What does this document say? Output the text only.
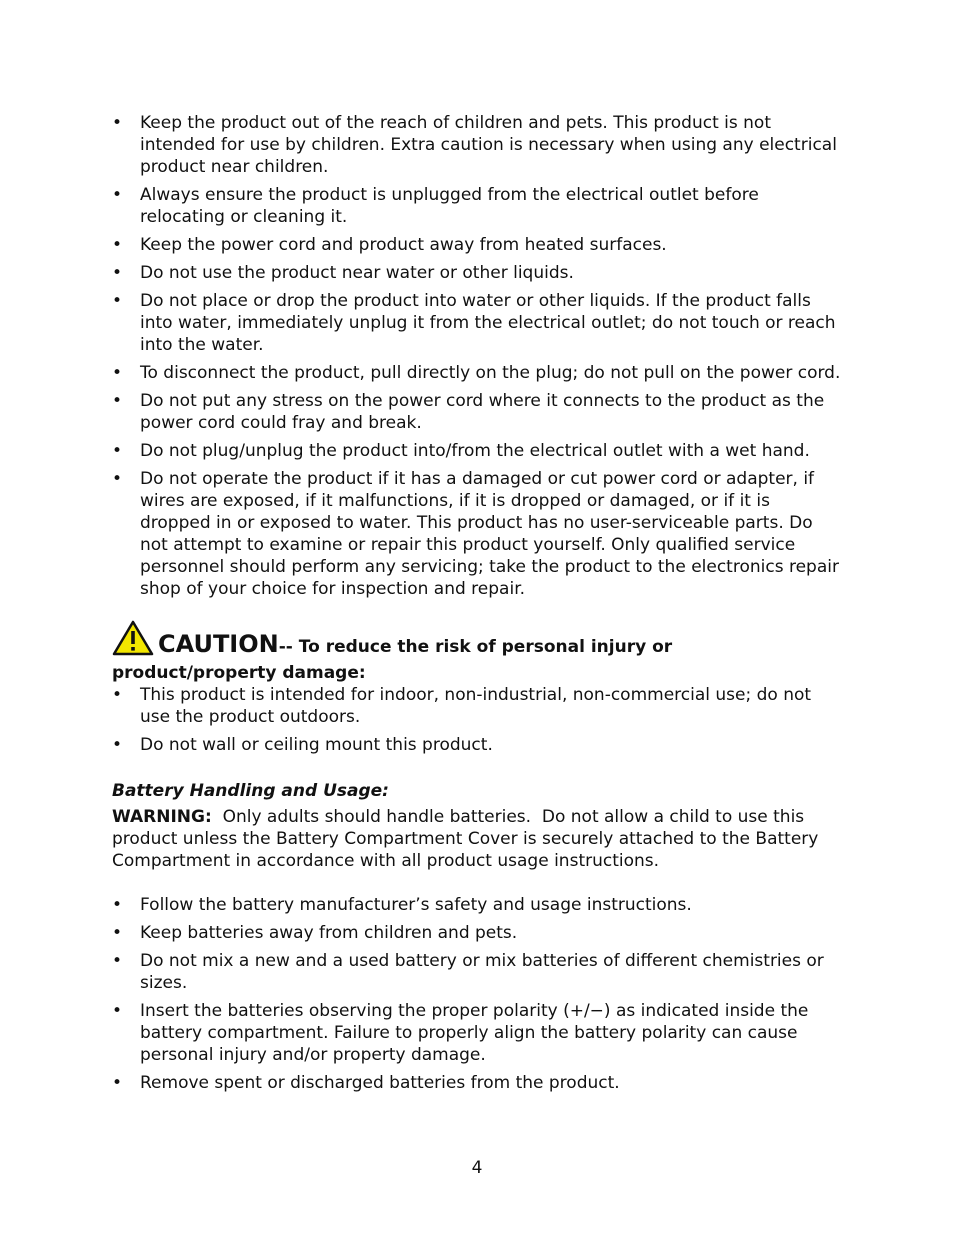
• Keep the product out of the reach of children and pets. This product is not intended for use by children. Extra caution is necessary when using any electrical product near children.
• Always ensure the product is unplugged from the electrical outlet before relocating or cleaning it.
• Keep the power cord and product away from heated surfaces.
• Do not use the product near water or other liquids.
• Do not place or drop the product into water or other liquids. If the product falls into water, immediately unplug it from the electrical outlet; do not touch or reach into the water.
• To disconnect the product, pull directly on the plug; do not pull on the power cord.
• Do not put any stress on the power cord where it connects to the product as the power cord could fray and break.
• Do not plug/unplug the product into/from the electrical outlet with a wet hand.
• Do not operate the product if it has a damaged or cut power cord or adapter, if wires are exposed, if it malfunctions, if it is dropped or damaged, or if it is dropped in or exposed to water. This product has no user-serviceable parts. Do not attempt to examine or repair this product yourself. Only qualified service personnel should perform any servicing; take the product to the electronics repair shop of your choice for inspection and repair.
CAUTION-- To reduce the risk of personal injury or product/property damage:
• This product is intended for indoor, non-industrial, non-commercial use; do not use the product outdoors.
• Do not wall or ceiling mount this product.
Battery Handling and Usage:
WARNING:  Only adults should handle batteries.  Do not allow a child to use this product unless the Battery Compartment Cover is securely attached to the Battery Compartment in accordance with all product usage instructions.
• Follow the battery manufacturer’s safety and usage instructions.
• Keep batteries away from children and pets.
• Do not mix a new and a used battery or mix batteries of different chemistries or sizes.
• Insert the batteries observing the proper polarity (+/−) as indicated inside the battery compartment. Failure to properly align the battery polarity can cause personal injury and/or property damage.
• Remove spent or discharged batteries from the product.
4
